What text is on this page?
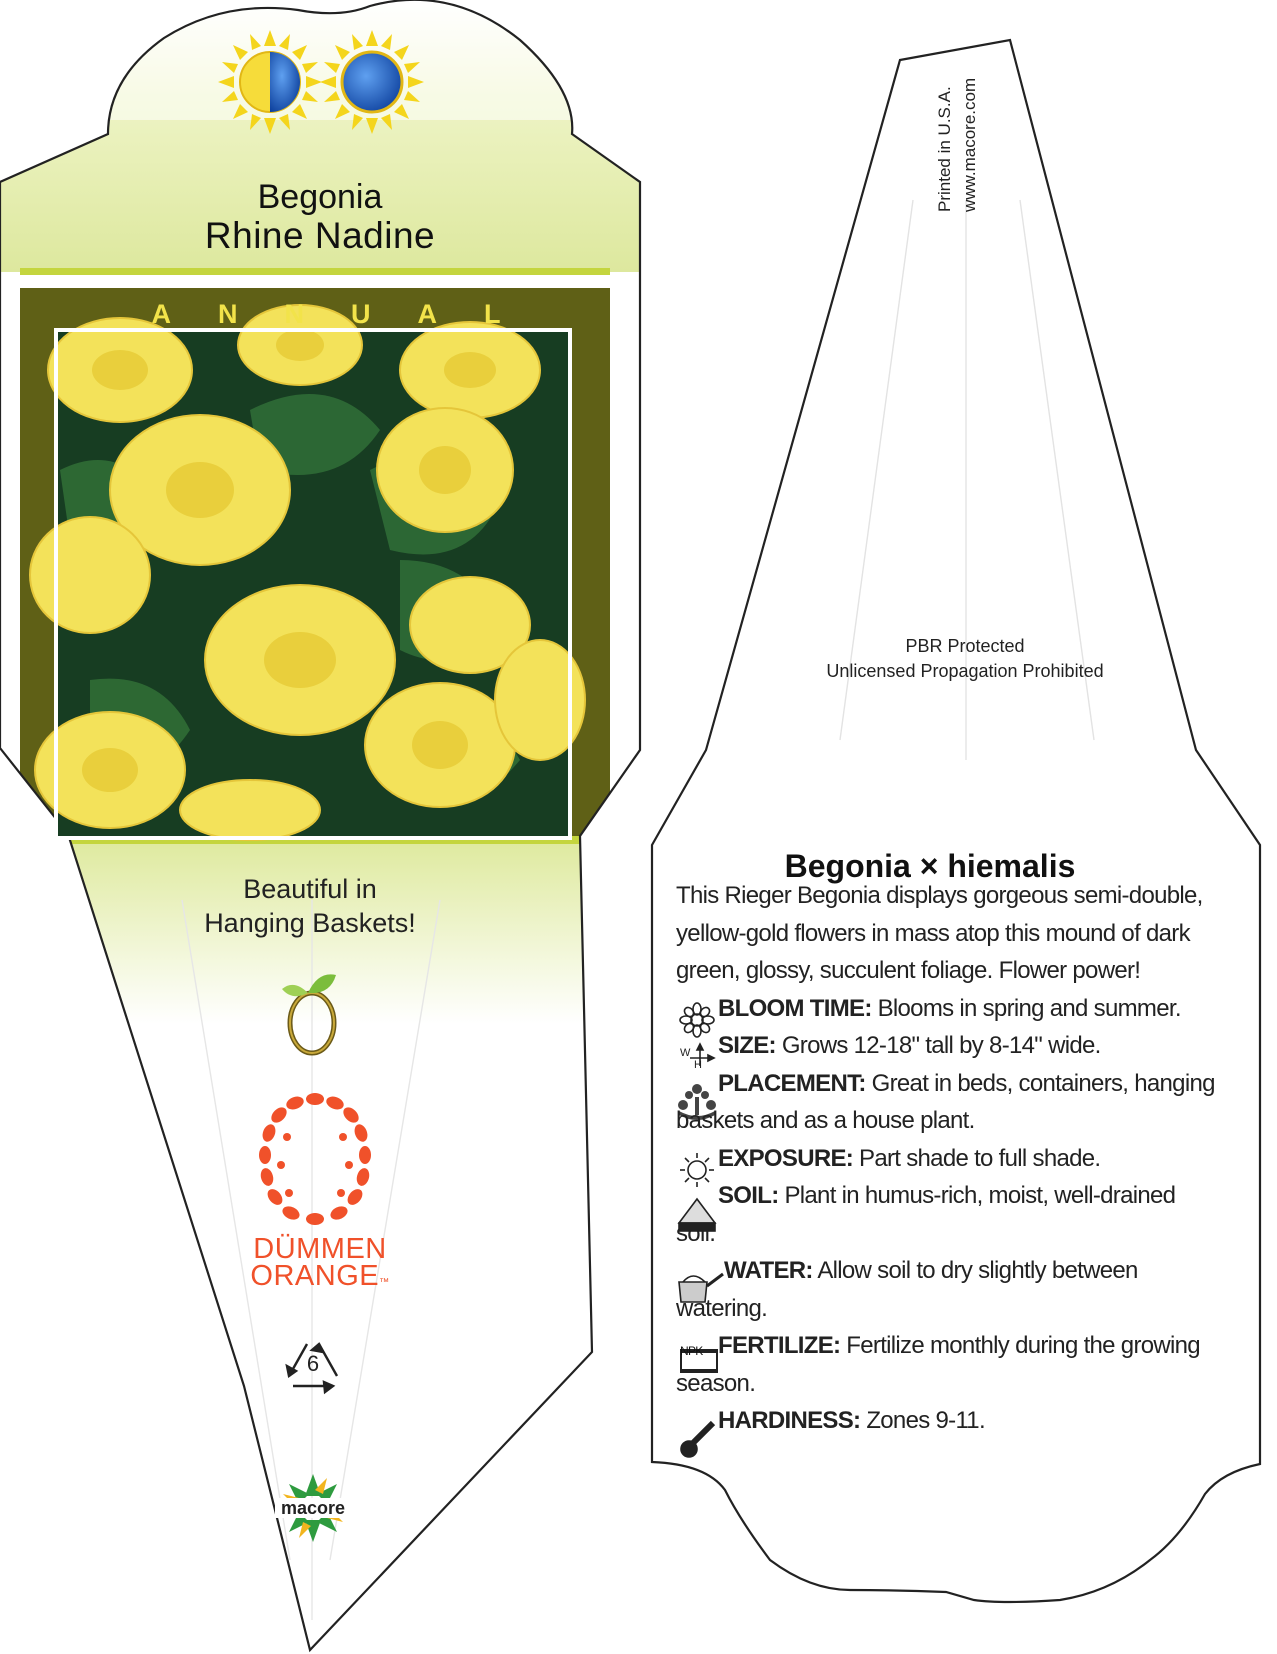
Begonia
Rhine Nadine
ANNUAL
Beautiful in
Hanging Baskets!
DÜMMEN
ORANGE™
6
macore
Printed in U.S.A. www.macore.com
PBR Protected
Unlicensed Propagation Prohibited
Begonia × hiemalis
This Rieger Begonia displays gorgeous semi-double,
yellow-gold flowers in mass atop this mound of dark
green, glossy, succulent foliage. Flower power!
BLOOM TIME: Blooms in spring and summer.
W
H
SIZE: Grows 12-18" tall by 8-14" wide.
PLACEMENT: Great in beds, containers, hanging
baskets and as a house plant.
EXPOSURE: Part shade to full shade.
SOIL: Plant in humus-rich, moist, well-drained
soil.
WATER: Allow soil to dry slightly between
watering.
NPK FERTILIZE: Fertilize monthly during the growing
season.
HARDINESS: Zones 9-11.
